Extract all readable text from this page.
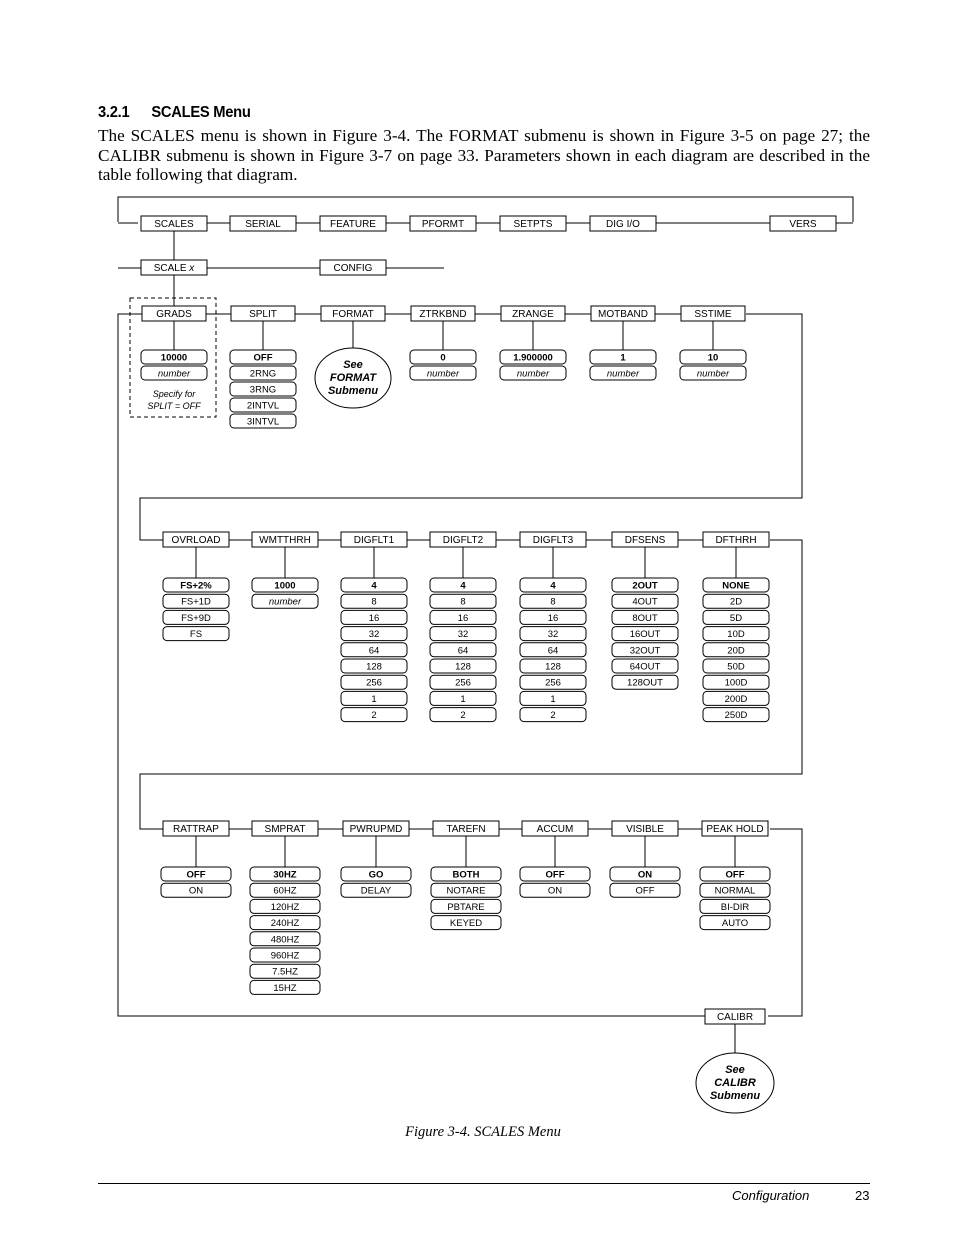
3.2.1 SCALES Menu
The SCALES menu is shown in Figure 3-4. The FORMAT submenu is shown in Figure 3-5 on page 27; the CALIBR submenu is shown in Figure 3-7 on page 33. Parameters shown in each diagram are described in the table following that diagram.
SCALES	SERIAL	FEATURE	PFORMT	SETPTS	DIG I/O	VERS
SCALE x	CONFIG
GRADS
10000
number
Specify for
SPLIT = OFF
SPLIT
OFF
2RNG
3RNG
2INTVL
3INTVL
FORMAT
See
FORMAT
Submenu
ZTRKBND
0
number
ZRANGE
1.900000
number
MOTBAND
1
number
SSTIME
10
number
OVRLOAD
FS+2%
FS+1D
FS+9D
FS
WMTTHRH
1000
number
DIGFLT1
4
8
16
32
64
128
256
1
2
DIGFLT2
4
8
16
32
64
128
256
1
2
DIGFLT3
4
8
16
32
64
128
256
1
2
DFSENS
2OUT
4OUT
8OUT
16OUT
32OUT
64OUT
128OUT
DFTHRH
NONE
2D
5D
10D
20D
50D
100D
200D
250D
RATTRAP
OFF
ON
SMPRAT
30HZ
60HZ
120HZ
240HZ
480HZ
960HZ
7.5HZ
15HZ
PWRUPMD
GO
DELAY
TAREFN
BOTH
NOTARE
PBTARE
KEYED
ACCUM
OFF
ON
VISIBLE
ON
OFF
PEAK HOLD
OFF
NORMAL
BI-DIR
AUTO
CALIBR
See
CALIBR
Submenu
Figure 3-4. SCALES Menu
Configuration	23
